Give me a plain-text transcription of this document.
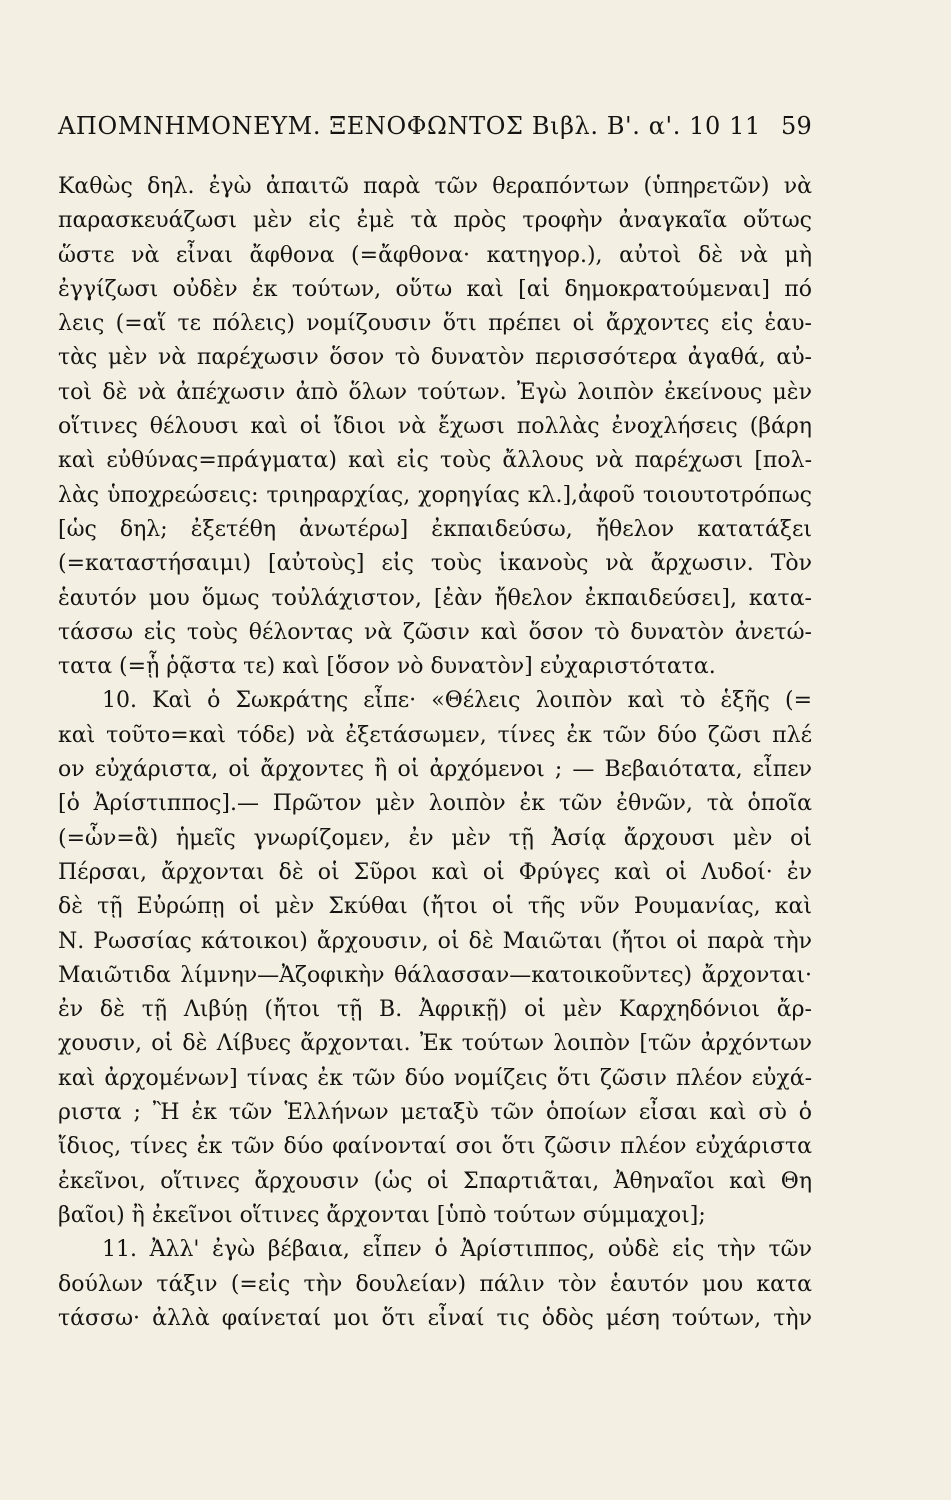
ΑΠΟΜΝΗΜΟΝΕΥΜ. ΞΕΝΟΦΩΝΤΟΣ Βιβλ. Β'. α'. 10 11 59
Καθὼς δηλ. ἐγὼ ἀπαιτῶ παρὰ τῶν θεραπόντων (ὑπηρετῶν) νὰ
παρασκευάζωσι μὲν εἰς ἐμὲ τὰ πρὸς τροφὴν ἀναγκαῖα οὕτως
ὥστε νὰ εἶναι ἄφθονα (=ἄφθονα· κατηγορ.), αὐτοὶ δὲ νὰ μὴ
ἐγγίζωσι οὐδὲν ἐκ τούτων, οὕτω καὶ [αἱ δημοκρατούμεναι] πό
λεις (=αἵ τε πόλεις) νομίζουσιν ὅτι πρέπει οἱ ἄρχοντες εἰς ἑαυ-
τὰς μὲν νὰ παρέχωσιν ὅσον τὸ δυνατὸν περισσότερα ἀγαθά, αὐ-
τοὶ δὲ νὰ ἀπέχωσιν ἀπὸ ὅλων τούτων. Ἐγὼ λοιπὸν ἐκείνους μὲν
οἵτινες θέλουσι καὶ οἱ ἴδιοι νὰ ἔχωσι πολλὰς ἐνοχλήσεις (βάρη
καὶ εὐθύνας=πράγματα) καὶ εἰς τοὺς ἄλλους νὰ παρέχωσι [πολ-
λὰς ὑποχρεώσεις: τριηραρχίας, χορηγίας κλ.],ἀφοῦ τοιουτοτρόπως
[ὡς δηλ; ἐξετέθη ἀνωτέρω] ἐκπαιδεύσω, ἤθελον κατατάξει
(=καταστήσαιμι) [αὐτοὺς] εἰς τοὺς ἱκανοὺς νὰ ἄρχωσιν. Τὸν
ἑαυτόν μου ὅμως τοὐλάχιστον, [ἐὰν ἤθελον ἐκπαιδεύσει], κατα-
τάσσω εἰς τοὺς θέλοντας νὰ ζῶσιν καὶ ὅσον τὸ δυνατὸν ἀνετώ-
τατα (=ᾗ ῥᾷστα τε) καὶ [ὅσον νὸ δυνατὸν] εὐχαριστότατα.
10. Καὶ ὁ Σωκράτης εἶπε· «Θέλεις λοιπὸν καὶ τὸ ἑξῆς (=
καὶ τοῦτο=καὶ τόδε) νὰ ἐξετάσωμεν, τίνες ἐκ τῶν δύο ζῶσι πλέ
ον εὐχάριστα, οἱ ἄρχοντες ἢ οἱ ἀρχόμενοι ; — Βεβαιότατα, εἶπεν
[ὁ Ἀρίστιππος].— Πρῶτον μὲν λοιπὸν ἐκ τῶν ἐθνῶν, τὰ ὁποῖα
(=ὧν=ἃ) ἡμεῖς γνωρίζομεν, ἐν μὲν τῇ Ἀσίᾳ ἄρχουσι μὲν οἱ
Πέρσαι, ἄρχονται δὲ οἱ Σῦροι καὶ οἱ Φρύγες καὶ οἱ Λυδοί· ἐν
δὲ τῇ Εὐρώπῃ οἱ μὲν Σκύθαι (ἤτοι οἱ τῆς νῦν Ρουμανίας, καὶ
Ν. Ρωσσίας κάτοικοι) ἄρχουσιν, οἱ δὲ Μαιῶται (ἤτοι οἱ παρὰ τὴν
Μαιῶτιδα λίμνην—Ἀζοφικὴν θάλασσαν—κατοικοῦντες) ἄρχονται·
ἐν δὲ τῇ Λιβύῃ (ἤτοι τῇ Β. Ἀφρικῇ) οἱ μὲν Καρχηδόνιοι ἄρ-
χουσιν, οἱ δὲ Λίβυες ἄρχονται. Ἐκ τούτων λοιπὸν [τῶν ἀρχόντων
καὶ ἀρχομένων] τίνας ἐκ τῶν δύο νομίζεις ὅτι ζῶσιν πλέον εὐχά-
ριστα ; Ἢ ἐκ τῶν Ἑλλήνων μεταξὺ τῶν ὁποίων εἶσαι καὶ σὺ ὁ
ἴδιος, τίνες ἐκ τῶν δύο φαίνονταί σοι ὅτι ζῶσιν πλέον εὐχάριστα
ἐκεῖνοι, οἵτινες ἄρχουσιν (ὡς οἱ Σπαρτιᾶται, Ἀθηναῖοι καὶ Θη
βαῖοι) ἢ ἐκεῖνοι οἵτινες ἄρχονται [ὑπὸ τούτων σύμμαχοι];
11. Ἀλλ' ἐγὼ βέβαια, εἶπεν ὁ Ἀρίστιππος, οὐδὲ εἰς τὴν τῶν
δούλων τάξιν (=εἰς τὴν δουλείαν) πάλιν τὸν ἑαυτόν μου κατα
τάσσω· ἀλλὰ φαίνεταί μοι ὅτι εἶναί τις ὁδὸς μέση τούτων, τὴν
